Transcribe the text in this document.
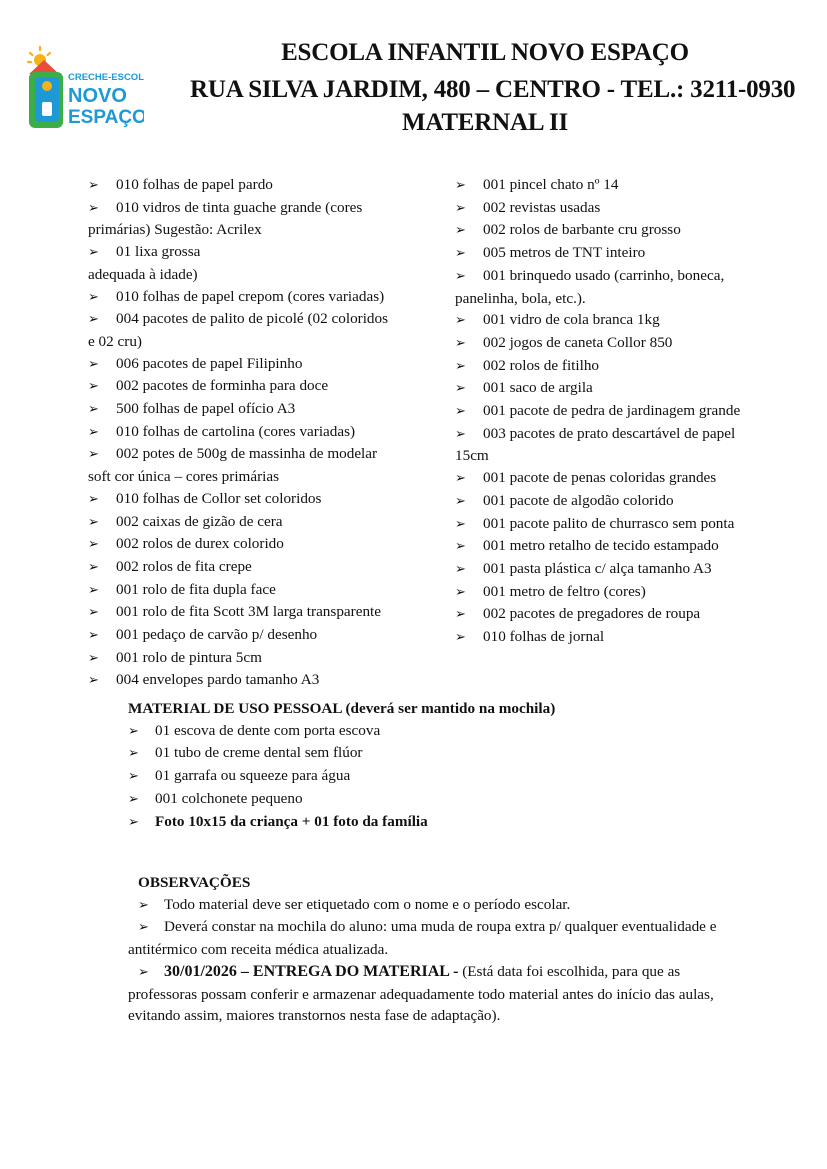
ESCOLA INFANTIL NOVO ESPAÇO
RUA SILVA JARDIM, 480 – CENTRO - TEL.: 3211-0930
MATERNAL II
CRECHE-ESCOLA
NOVO
ESPAÇO
➢ 010 folhas de papel pardo
➢ 010 vidros de tinta guache grande (cores
primárias) Sugestão: Acrilex
➢ 01 lixa grossa
adequada à idade)
➢ 010 folhas de papel crepom (cores variadas)
➢ 004 pacotes de palito de picolé (02 coloridos
e 02 cru)
➢ 006 pacotes de papel Filipinho
➢ 002 pacotes de forminha para doce
➢ 500 folhas de papel ofício A3
➢ 010 folhas de cartolina (cores variadas)
➢ 002 potes de 500g de massinha de modelar
soft cor única – cores primárias
➢ 010 folhas de Collor set coloridos
➢ 002 caixas de gizão de cera
➢ 002 rolos de durex colorido
➢ 002 rolos de fita crepe
➢ 001 rolo de fita dupla face
➢ 001 rolo de fita Scott 3M larga transparente
➢ 001 pedaço de carvão p/ desenho
➢ 001 rolo de pintura 5cm
➢ 004 envelopes pardo tamanho A3
➢ 001 pincel chato nº 14
➢ 002 revistas usadas
➢ 002 rolos de barbante cru grosso
➢ 005 metros de TNT inteiro
➢ 001 brinquedo usado (carrinho, boneca,
panelinha, bola, etc.).
➢ 001 vidro de cola branca 1kg
➢ 002 jogos de caneta Collor 850
➢ 002 rolos de fitilho
➢ 001 saco de argila
➢ 001 pacote de pedra de jardinagem grande
➢ 003 pacotes de prato descartável de papel
15cm
➢ 001 pacote de penas coloridas grandes
➢ 001 pacote de algodão colorido
➢ 001 pacote palito de churrasco sem ponta
➢ 001 metro retalho de tecido estampado
➢ 001 pasta plástica c/ alça tamanho A3
➢ 001 metro de feltro (cores)
➢ 002 pacotes de pregadores de roupa
➢ 010 folhas de jornal
MATERIAL DE USO PESSOAL (deverá ser mantido na mochila)
➢ 01 escova de dente com porta escova
➢ 01 tubo de creme dental sem flúor
➢ 01 garrafa ou squeeze para água
➢ 001 colchonete pequeno
➢ Foto 10x15 da criança + 01 foto da família
OBSERVAÇÕES
➢ Todo material deve ser etiquetado com o nome e o período escolar.
➢ Deverá constar na mochila do aluno: uma muda de roupa extra p/ qualquer eventualidade e
antitérmico com receita médica atualizada.
➢ 30/01/2026 – ENTREGA DO MATERIAL - (Está data foi escolhida, para que as
professoras possam conferir e armazenar adequadamente todo material antes do início das aulas,
evitando assim, maiores transtornos nesta fase de adaptação).
